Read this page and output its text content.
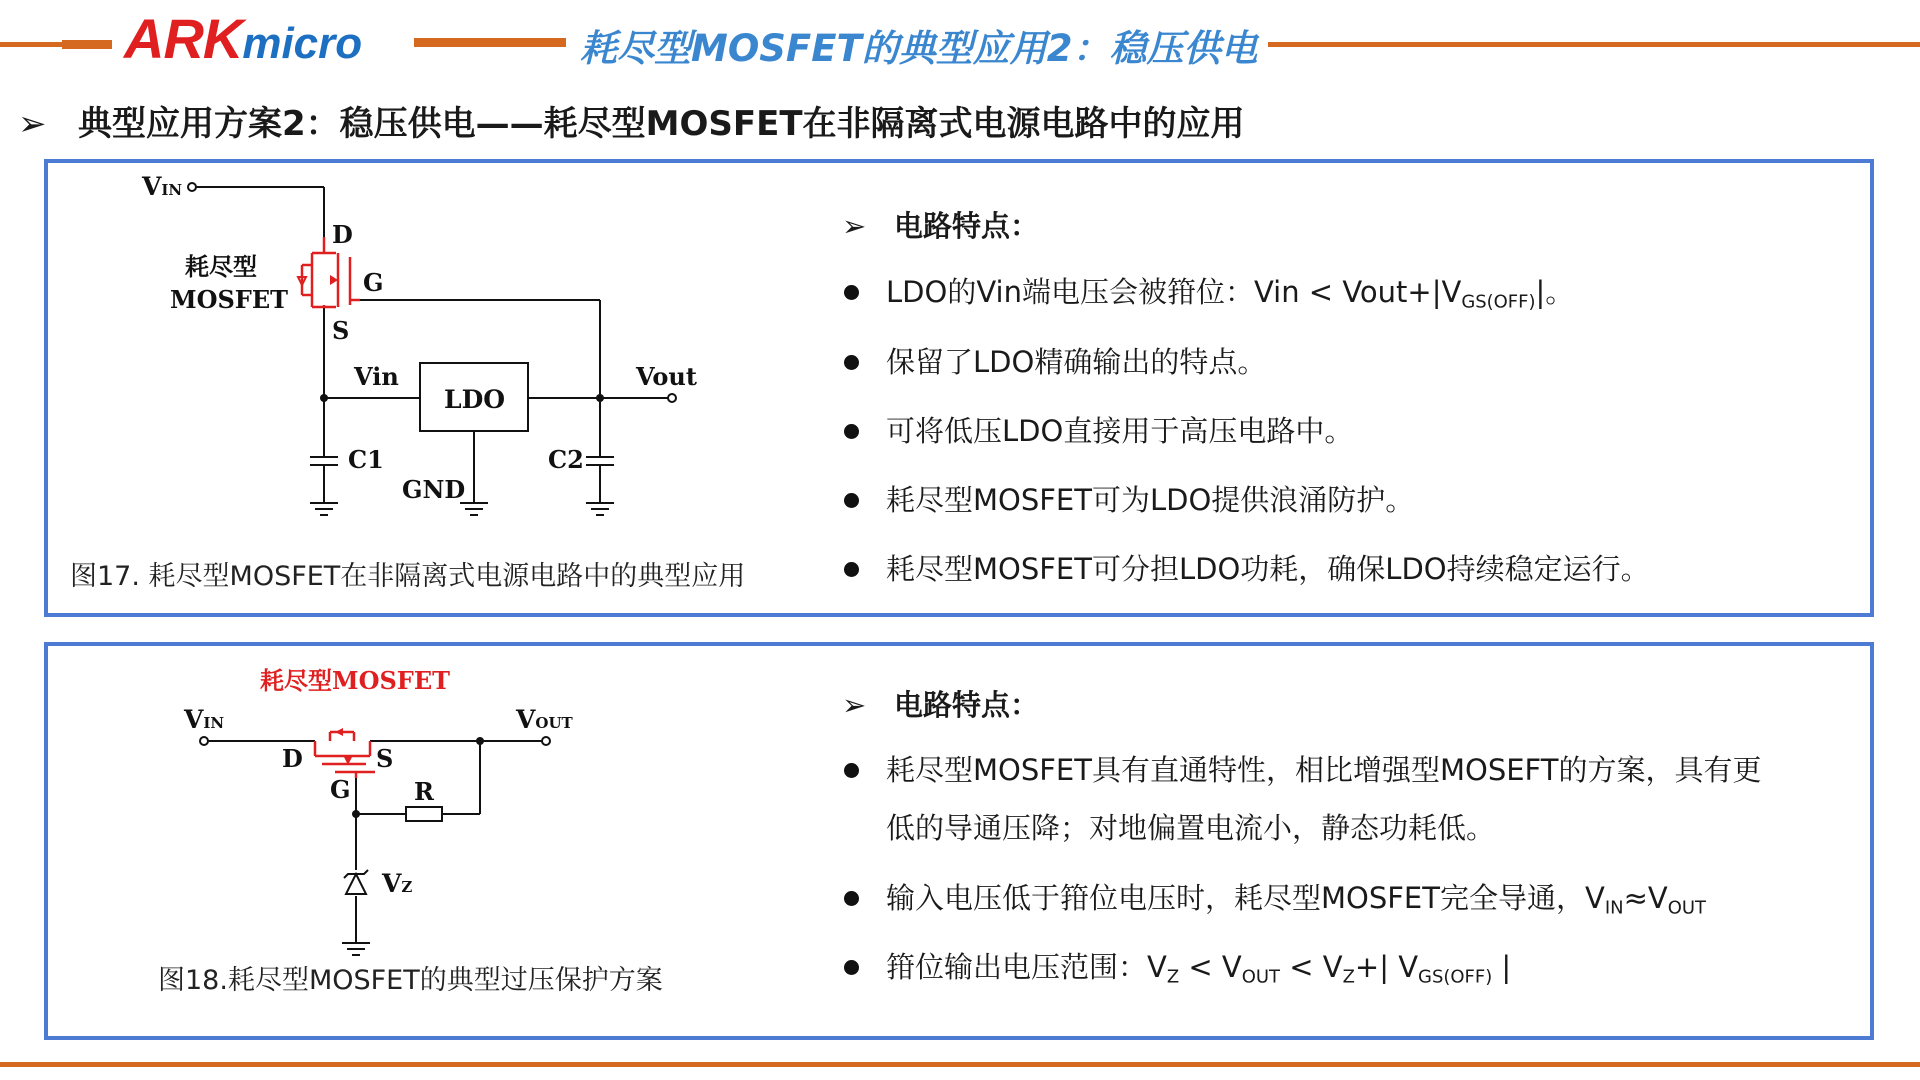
ARKmicro	耗尽型MOSFET的典型应用2：稳压供电
➢ 典型应用方案2：稳压供电——耗尽型MOSFET在非隔离式电源电路中的应用
VIN
耗尽型
MOSFET
D
G
S
Vin
LDO
Vout
C1	C2
GND
图17. 耗尽型MOSFET在非隔离式电源电路中的典型应用
➢ 电路特点：
LDO的Vin端电压会被箝位：Vin < $Vout+|V_{GS(OFF)}|$。
保留了LDO精确输出的特点。
可将低压LDO直接用于高压电路中。
耗尽型MOSFET可为LDO提供浪涌防护。
耗尽型MOSFET可分担LDO功耗，确保LDO持续稳定运行。
耗尽型MOSFET
VIN	VOUT
D	S
G	R
VZ
图18.耗尽型MOSFET的典型过压保护方案
➢ 电路特点：
耗尽型MOSFET具有直通特性，相比增强型MOSEFT的方案，具有更
低的导通压降；对地偏置电流小，静态功耗低。
输入电压低于箝位电压时，耗尽型MOSFET完全导通，$V_{IN}\approx V_{OUT}$
箝位输出电压范围：$V_Z < V_{OUT} < V_Z+|$ $V_{GS(OFF)}$ |
